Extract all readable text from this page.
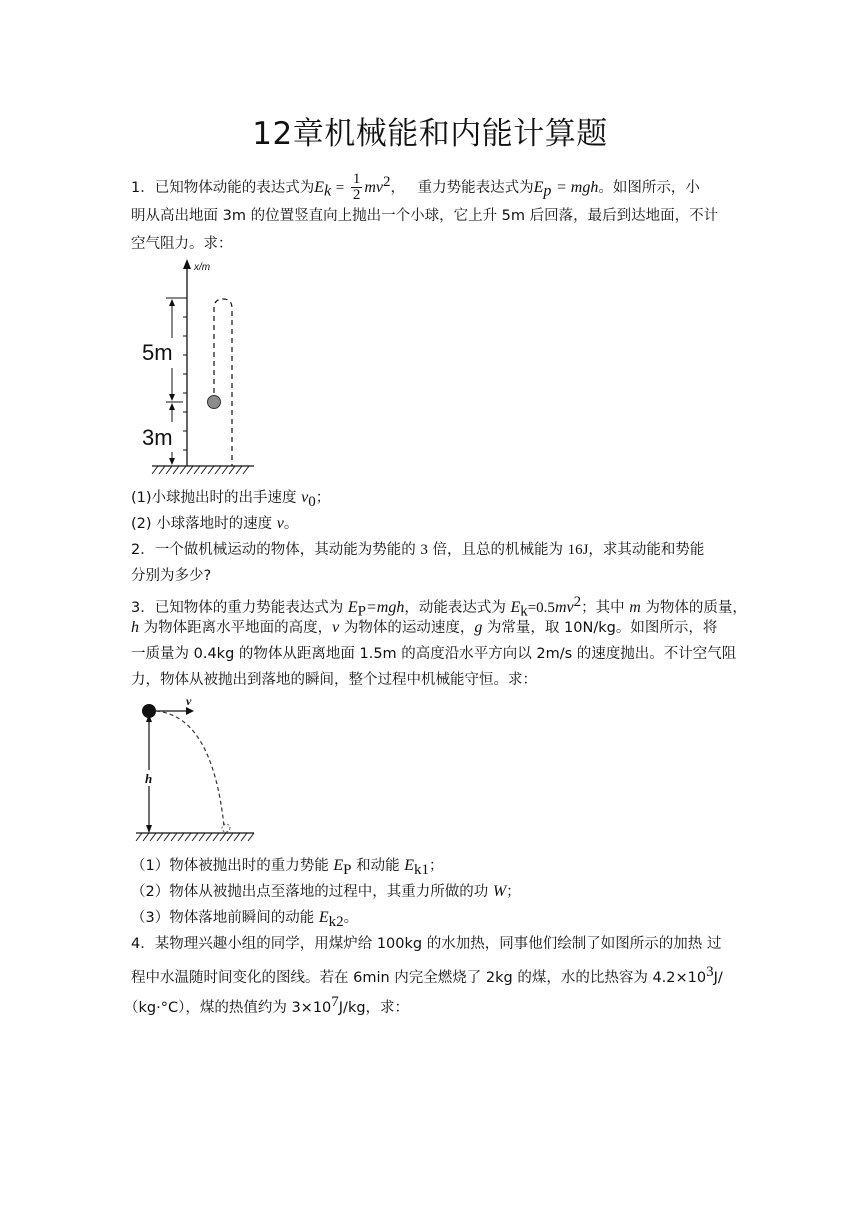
12章机械能和内能计算题
1．已知物体动能的表达式为$E_k = \frac{1}{2} mv^2$， 重力势能表达式为$E_p$ = mgh。如图所示，小
明从高出地面 3m 的位置竖直向上抛出一个小球，它上升 5m 后回落，最后到达地面，不计
空气阻力。求：
x/m
5m
3m
(1)小球抛出时的出手速度 $v_0$；
(2) 小球落地时的速度 v。
2．一个做机械运动的物体，其动能为势能的 3 倍，且总的机械能为 16J，求其动能和势能
分别为多少?
3．已知物体的重力势能表达式为 $E_P=mgh$，动能表达式为 $E_k=0.5mv^2$；其中 m 为物体的质量，
h 为物体距离水平地面的高度，v 为物体的运动速度，g 为常量，取 10N/kg。如图所示，将
一质量为 0.4kg 的物体从距离地面 1.5m 的高度沿水平方向以 2m/s 的速度抛出。不计空气阻
力，物体从被抛出到落地的瞬间，整个过程中机械能守恒。求：
h
v
（1）物体被抛出时的重力势能 $E_P$ 和动能 $E_{k1}$；
（2）物体从被抛出点至落地的过程中，其重力所做的功 W；
（3）物体落地前瞬间的动能 $E_{k2}$。
4．某物理兴趣小组的同学，用煤炉给 100kg 的水加热，同事他们绘制了如图所示的加热 过
程中水温随时间变化的图线。若在 6min 内完全燃烧了 2kg 的煤，水的比热容为 $4.2\times 10^3J/$
（kg·°C），煤的热值约为 $3\times 10^7J/kg$，求：
